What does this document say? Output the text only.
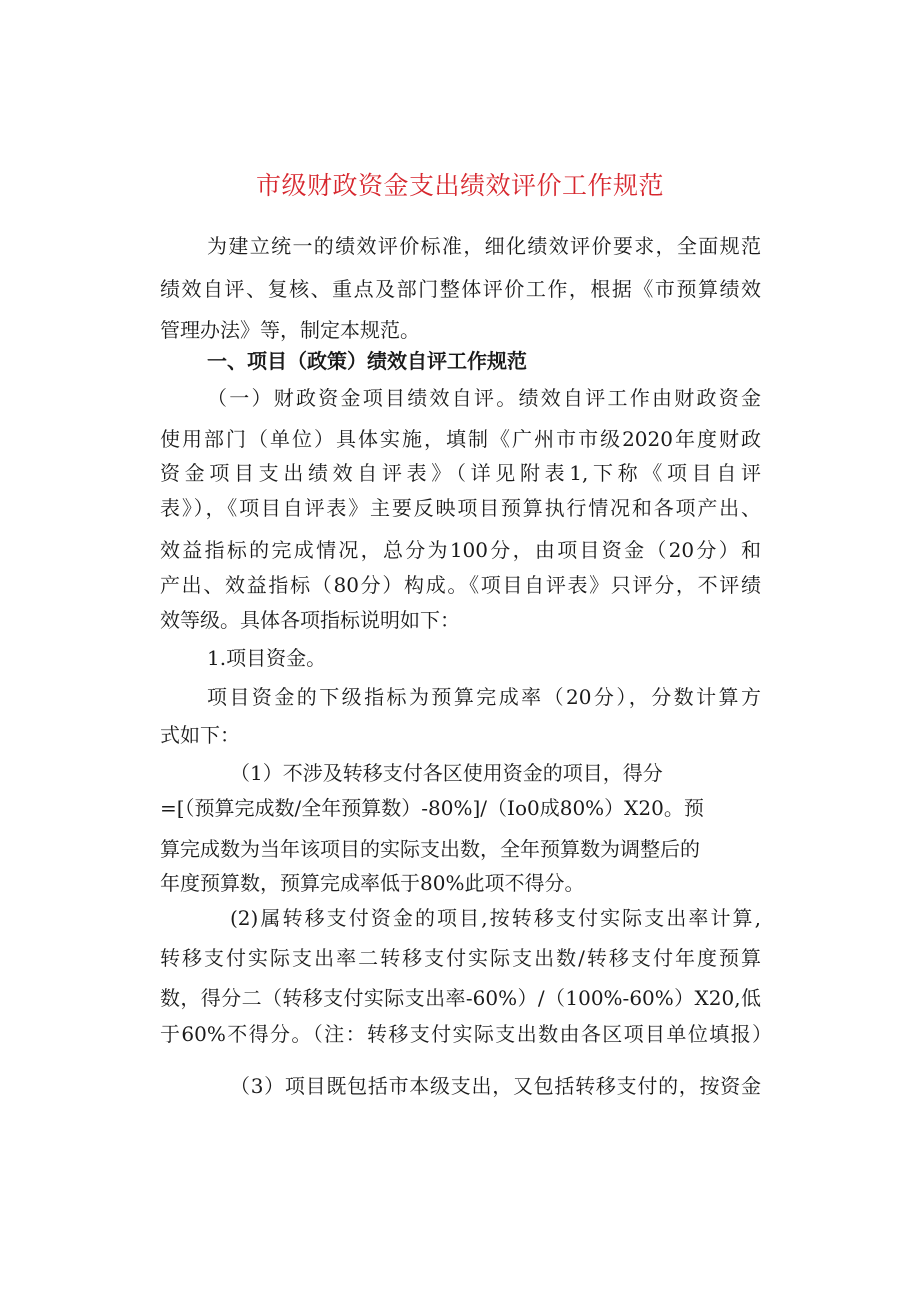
市级财政资金支出绩效评价工作规范
为建立统一的绩效评价标准，细化绩效评价要求，全面规范
绩效自评、复核、重点及部门整体评价工作，根据《市预算绩效
管理办法》等，制定本规范。
一、项目（政策）绩效自评工作规范
（一）财政资金项目绩效自评。绩效自评工作由财政资金
使用部门（单位）具体实施，填制《广州市市级2020年度财政
资金项目支出绩效自评表》（详见附表1,下称《项目自评
表》），《项目自评表》主要反映项目预算执行情况和各项产出、
效益指标的完成情况，总分为100分，由项目资金（20分）和
产出、效益指标（80分）构成。《项目自评表》只评分，不评绩
效等级。具体各项指标说明如下：
1.项目资金。
项目资金的下级指标为预算完成率（20分），分数计算方
式如下：
（1）不涉及转移支付各区使用资金的项目，得分
=[（预算完成数/全年预算数）-80%]/（Io0成80%）X20。预
算完成数为当年该项目的实际支出数，全年预算数为调整后的
年度预算数，预算完成率低于80%此项不得分。
(2)属转移支付资金的项目,按转移支付实际支出率计算,
转移支付实际支出率二转移支付实际支出数/转移支付年度预算
数，得分二（转移支付实际支出率-60%）/（100%-60%）X20,低
于60%不得分。（注：转移支付实际支出数由各区项目单位填报）
（3）项目既包括市本级支出，又包括转移支付的，按资金
